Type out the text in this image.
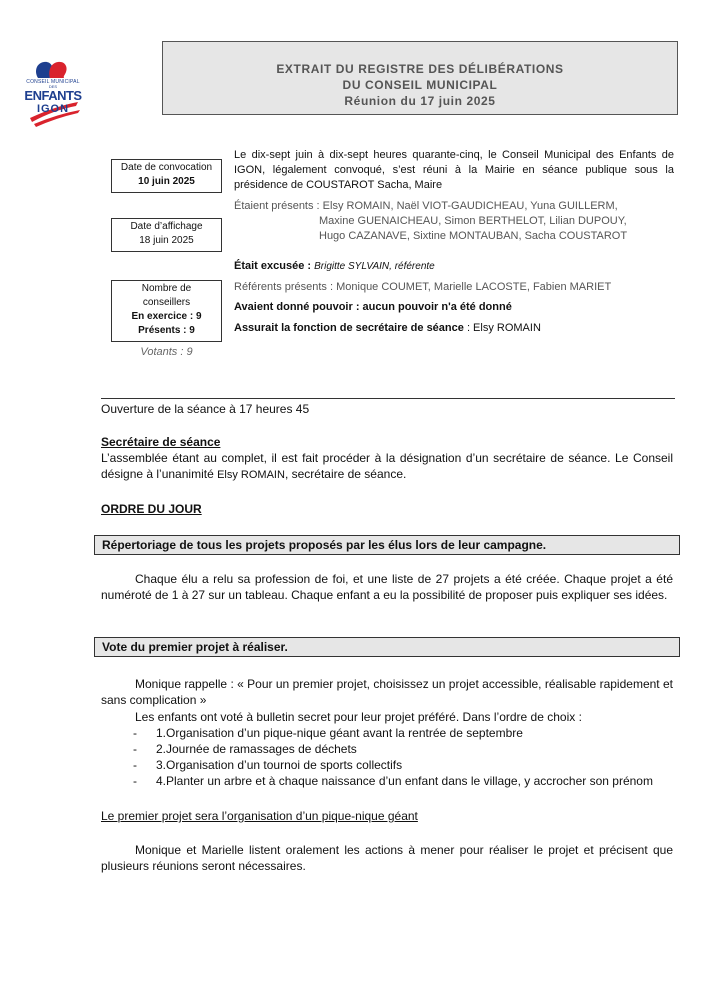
CONSEIL MUNICIPAL
DES
ENFANTS
IGON
EXTRAIT DU REGISTRE DES DÉLIBÉRATIONS
DU CONSEIL MUNICIPAL
Réunion du 17 juin 2025
Date de convocation
10 juin 2025
Date d’affichage
18 juin 2025
Nombre de
conseillers
En exercice : 9
Présents : 9
Votants : 9
Le dix-sept juin à dix-sept heures quarante-cinq, le Conseil Municipal des Enfants de IGON, légalement convoqué, s’est réuni à la Mairie en séance publique sous la présidence de COUSTAROT Sacha, Maire
Étaient présents : Elsy ROMAIN, Naël VIOT-GAUDICHEAU, Yuna GUILLERM,
Maxine GUENAICHEAU, Simon BERTHELOT, Lilian DUPOUY,
Hugo CAZANAVE, Sixtine MONTAUBAN, Sacha COUSTAROT
Était excusée : Brigitte SYLVAIN, référente
Référents présents : Monique COUMET, Marielle LACOSTE, Fabien MARIET
Avaient donné pouvoir : aucun pouvoir n'a été donné
Assurait la fonction de secrétaire de séance : Elsy ROMAIN
Ouverture de la séance à 17 heures 45
Secrétaire de séance
L’assemblée étant au complet, il est fait procéder à la désignation d’un secrétaire de séance. Le Conseil désigne à l’unanimité Elsy ROMAIN, secrétaire de séance.
ORDRE DU JOUR
Répertoriage de tous les projets proposés par les élus lors de leur campagne.
Chaque élu a relu sa profession de foi, et une liste de 27 projets a été créée. Chaque projet a été numéroté de 1 à 27 sur un tableau. Chaque enfant a eu la possibilité de proposer puis expliquer ses idées.
Vote du premier projet à réaliser.
Monique rappelle : « Pour un premier projet, choisissez un projet accessible, réalisable rapidement et sans complication »
Les enfants ont voté à bulletin secret pour leur projet préféré. Dans l’ordre de choix :
- 1.Organisation d’un pique-nique géant avant la rentrée de septembre
- 2.Journée de ramassages de déchets
- 3.Organisation d’un tournoi de sports collectifs
- 4.Planter un arbre et à chaque naissance d’un enfant dans le village, y accrocher son prénom
Le premier projet sera l’organisation d’un pique-nique géant
Monique et Marielle listent oralement les actions à mener pour réaliser le projet et précisent que plusieurs réunions seront nécessaires.
